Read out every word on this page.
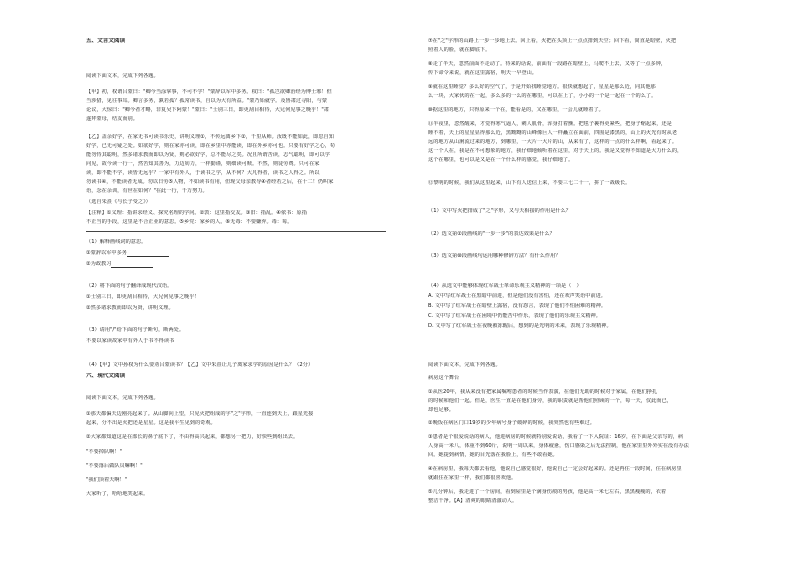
五、文言文阅读
阅读下面文本，完成下列各题。
【甲】初，权谓吕蒙曰："卿今当涂掌事，不可不学！"蒙辞以军中多务。权曰："孤岂欲卿治经为博士邪！但
当涉猎，见往事耳。卿言多务，孰若孤？孤常读书，自以为大有所益。"蒙乃始就学。及鲁肃过寻阳，与蒙
论议，大惊曰："卿今者才略，非复吴下阿蒙！"蒙曰："士别三日，即更刮目相待，大兄何见事之晚乎！"肃
遂拜蒙母，结友而别。
【乙】盖余好学，在家无书可读书乐史，讲明义理①，不传远离乡下②，千里从师。汝既不能如此，即思自知
好学，已无可疑之处。如欲好学，则在家亦可读，即在乡里中亦能读，即在外乡亦可也。只要有好学之心，苟
能勿恃其聪明，然多诸求教而即以为贤，则必欲好学，总不能尽之矣。况且所谓苦读，志气聪明，即可以学
问见，故今读一行一，然苦知其善为，力边妨力，一样勤谨，则细读可赎。不然，则徒劳费。只可在家
读，即不能不学，读皆无远乎？一家中有外人，于读书之学，从不何？大凡得者，读书之人得之。所以
勿读书④，不能读者无成。勿以日劳⑤人物，不如读书有用，但现父母亲教导④者经若之后，在十二！仍叫家
语，念在余训，有世在如何？"在此一行，千万努力。
（选自朱熹《与长子受之》）
【注释】①义理：指讲求经义、探究名理的学问。②敦：这里指交友。③旧：指乱。④依书：原指
不正当的手段，这里是不合正业的意思。⑤乡党：家乡的人。⑥无毒：不要嫌弃。毒：每。
（1）解释画线词的意思。
①蒙辞以军中多务
②为政教习
（2）将下面的句子翻译成现代汉语。
①士别三日，即更刮目相待，大兄何见事之晚乎！
②然多诸求教而即以为贤，讲明义理。
（3）请用"/"给下面的句子断句，断两处。
不要以家读故家中有外人于书不得读书
（4）【甲】文中孙权为什么要劝吕蒙读书？【乙】文中朱熹让儿子离家求学的原因是什么？（2分）
六、现代文阅读
阅读下面文本，完成下列各题。
①那天都偏天边刚亮起来了。从山脚向上望，只见火把组成的字"之"字形，一直连到天上，跟星光接
起来，分不出是火把还是星星。这是我平生见到的奇观。
②大家都知道这是在部长的鼻子底下了，不由得高兴起来，都想另一把力，好快些到组出去。
"不要掉队啊！"
"不要落后做队员嘛啊！"
"我们顶着天啊！"
大家听了，哈哈地笑起来。
⑦在"之"字形的山路上一步一步地上去。回上看，火把在头顶上一点点排到天空；回下看，简直是暗壁，火把
照着人的脸，就在脚底下。
⑧走了半天，忽然前面不走动了。待来的话说，前面有一段路在暗壁上，马爬不上去，又等了一点多钟，
传下命令来说，就在这里露宿，明天一早登山。
⑨就在这里睡觉？多么好的空气了，于是开始找睡觉地方。很快就想起了，星星是那么近，同其他那
么一块，大家伙的在一起，多么多的一么的在哪里，可以在上了，小小的一个是一起在一个的么了。
⑩据这里的地方，只得原来一个在，能看是的，又在哪里，一会儿就睡着了。
⑪半夜里，忽然醒来，才觉得寒气逼人，刺人肌骨，浑身打着颤。把毯子裹得更紧些，把身子缩起来，还是
睡不着，天上的星星显得那么近，黑黝黝的山峰像巨人一样矗立在面前，四围是漆黑的，山上的火光有时从老
远的地方从山涧流过来的地方，到哪里，一大片一大片的山，从来有了，这样的一点的什么样啊，看起来了。
这一个人在，我是在不可想象的地方，我仔细地倾听着在这里，对于天上的。我是又觉得不知道是大力什么的，
这个在哪里，也可以是又是在一个什么样的感觉，我仔细地了。
⑫黎明的时候，我们从这里起来，山下有人送信上来，不要三七二十一，拼了一战级长。
（1）文中写火把排成了"之"字形，又与天相接的作用是什么？
（2）选文第②段画线的"一步一步"的表达效果是什么？
（3）选文第⑩段画线句运用哪种修辞方法？有什么作用？
（4）从选文中能够体现红军战士革命乐观主义精神的一项是（　）
A. 文中写红军战士在黑暗中前进，但是他们没有害怕，还在欢声笑语中前进。
B. 文中写了红军战士在暗壁上露宿，没有怨言，表现了他们不怕困难的精神。
C. 文中写了红军战士在困境中仍能苦中作乐，表现了他们的乐观主义精神。
D. 文中写了红军战士在夜晚被冻醒后，想到的是光明的未来，表现了乐观精神。
阅读下面文本，完成下列各题。
病房这个舞台
①从医20年，我从来没有把家属嘱咐患者的时候当作表演，在他们无助的时候对于家属，在他们挣扎
的时候和他们一起。但是，医生一直是在他们身旁，我的职责就是帮他们照顾的一个，每一天，仅此而已，
却也足够。
②晚饭在病区门口19岁的少年病号身子破碎的时候，我突然也有些难过。
③患者是个很爱说话的病人，他进病房的时候就特别爱说话，我看了一下入院证：16岁，在下面是父亲写的，病
人身高一米八，体重不到60斤，说明一周以来，身体疲惫，伤口感染之后无法控制，他在家里里外外实在没有办法
回。她提到病情，她的目光落在我脸上，有些不敢看她。
④在病房里，我每天都去看他，他说自己感觉很好，他说自己一定会好起来的。还是再住一段时间，住在病房里
就跟住在家里一样，我们都很喜欢他。
⑤几分钟后，我走进了一个房间，看到屋里是个满身伤痕的男孩，他是高一米七左右，黑黑瘦瘦的，衣着
整洁干净。【A】清爽的眼睛清澈动人。
